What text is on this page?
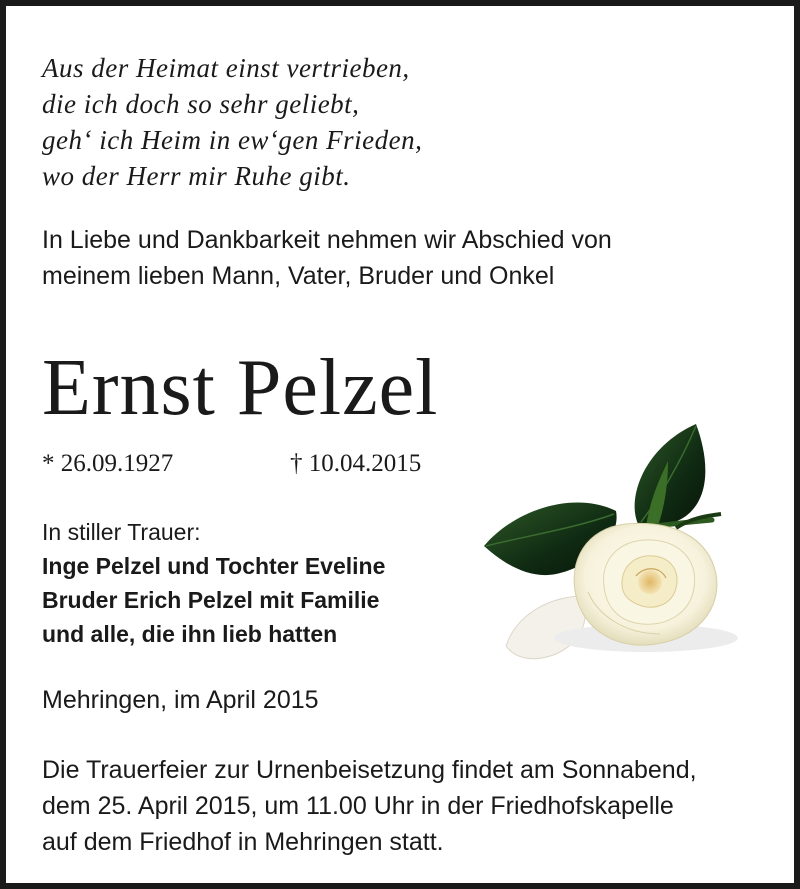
Aus der Heimat einst vertrieben,
die ich doch so sehr geliebt,
geh‘ ich Heim in ew‘gen Frieden,
wo der Herr mir Ruhe gibt.
In Liebe und Dankbarkeit nehmen wir Abschied von
meinem lieben Mann, Vater, Bruder und Onkel
Ernst Pelzel
* 26.09.1927	† 10.04.2015
In stiller Trauer:
Inge Pelzel und Tochter Eveline
Bruder Erich Pelzel mit Familie
und alle, die ihn lieb hatten
Mehringen, im April 2015
Die Trauerfeier zur Urnenbeisetzung findet am Sonnabend,
dem 25. April 2015, um 11.00 Uhr in der Friedhofskapelle
auf dem Friedhof in Mehringen statt.
